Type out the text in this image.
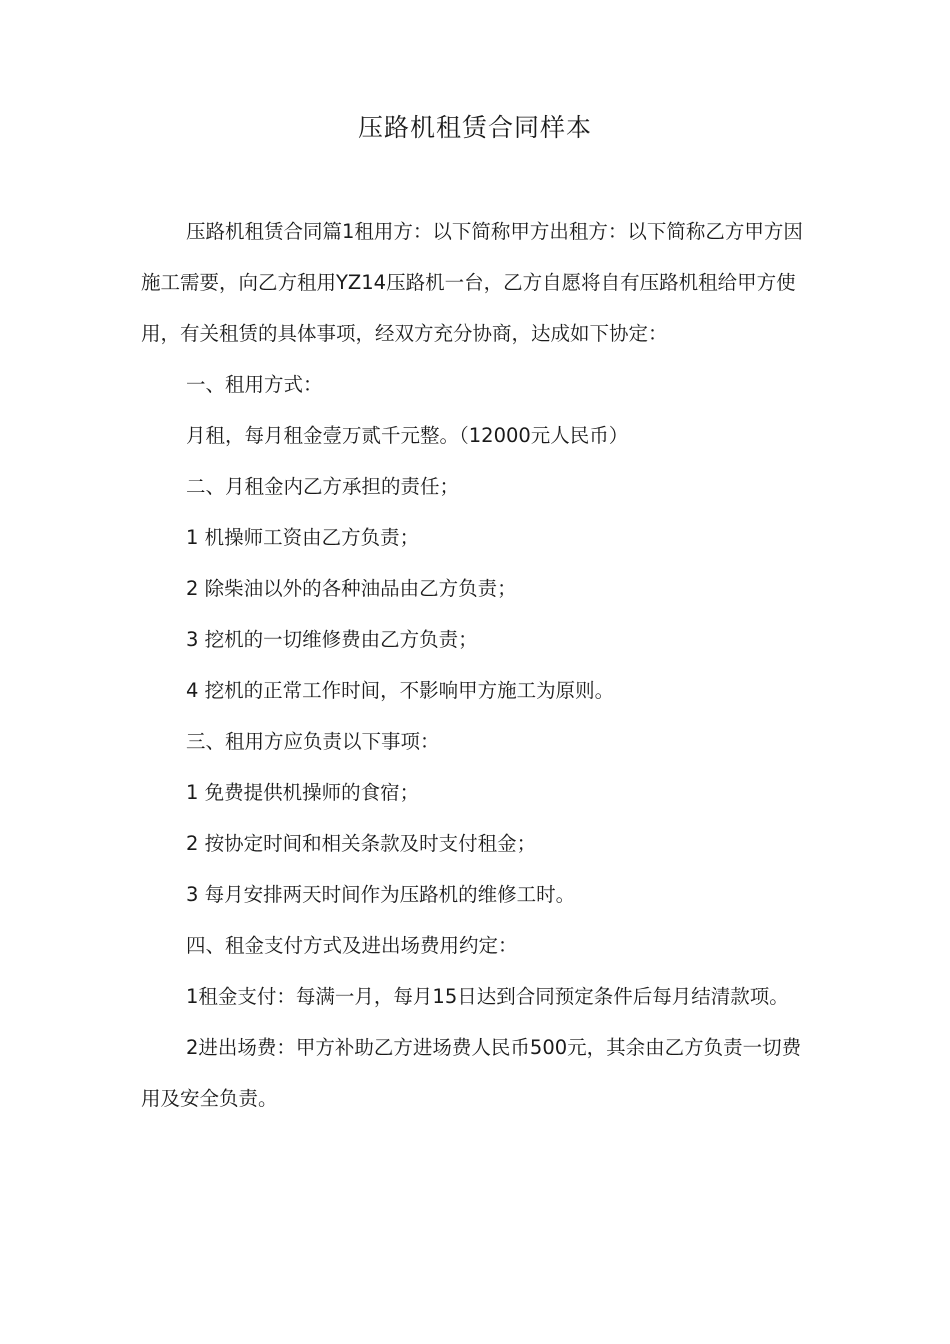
压路机租赁合同样本

压路机租赁合同篇1租用方：以下简称甲方出租方：以下简称乙方甲方因施工需要，向乙方租用YZ14压路机一台，乙方自愿将自有压路机租给甲方使用，有关租赁的具体事项，经双方充分协商，达成如下协定：

一、租用方式：

月租，每月租金壹万贰千元整。（12000元人民币）

二、月租金内乙方承担的责任；

1 机操师工资由乙方负责；

2 除柴油以外的各种油品由乙方负责；

3 挖机的一切维修费由乙方负责；

4 挖机的正常工作时间，不影响甲方施工为原则。

三、租用方应负责以下事项：

1 免费提供机操师的食宿；

2 按协定时间和相关条款及时支付租金；

3 每月安排两天时间作为压路机的维修工时。

四、租金支付方式及进出场费用约定：

1租金支付：每满一月，每月15日达到合同预定条件后每月结清款项。

2进出场费：甲方补助乙方进场费人民币500元，其余由乙方负责一切费用及安全负责。
